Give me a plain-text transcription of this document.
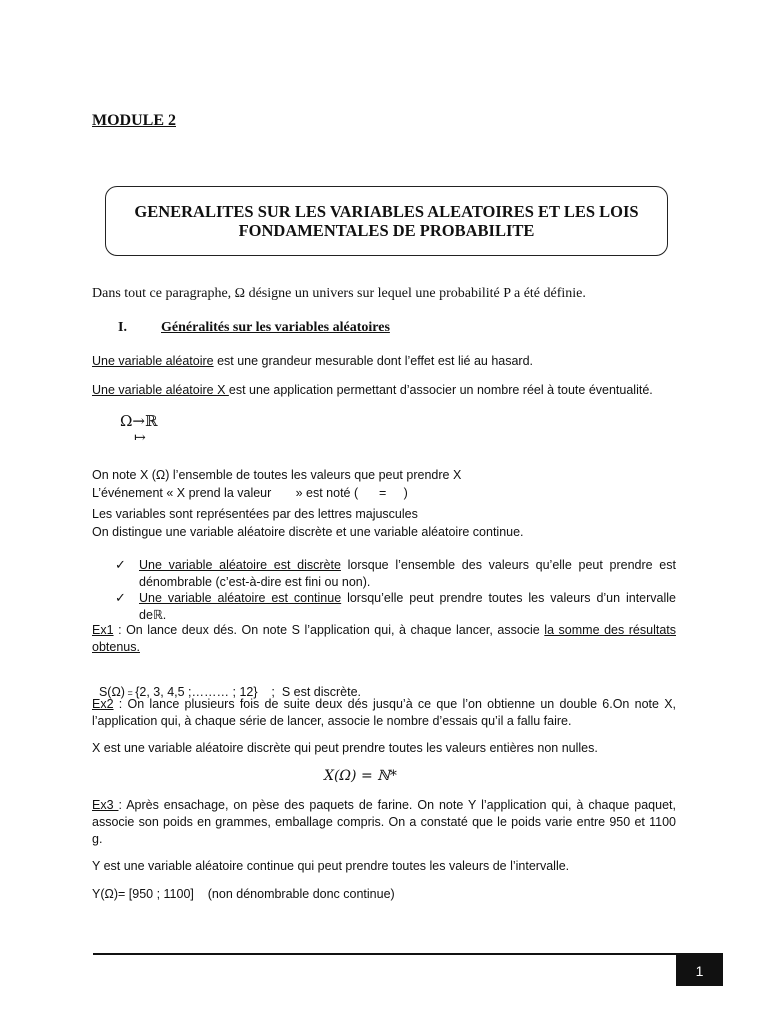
MODULE 2
GENERALITES SUR LES VARIABLES ALEATOIRES ET LES LOIS FONDAMENTALES DE PROBABILITE
Dans tout ce paragraphe, Ω désigne un univers sur lequel une probabilité P a été définie.
I. Généralités sur les variables aléatoires
Une variable aléatoire est une grandeur mesurable dont l’effet est lié au hasard.
Une variable aléatoire X est une application permettant d’associer un nombre réel à toute éventualité.
Ω→ℝ
↦
On note X (Ω) l’ensemble de toutes les valeurs que peut prendre X
L’événement « X prend la valeur       » est noté (      =     )
Les variables sont représentées par des lettres majuscules
On distingue une variable aléatoire discrète et une variable aléatoire continue.
✓ Une variable aléatoire est discrète lorsque l’ensemble des valeurs qu’elle peut prendre est dénombrable (c’est-à-dire est fini ou non).
✓ Une variable aléatoire est continue lorsqu’elle peut prendre toutes les valeurs d’un intervalle deℝ.
Ex1 : On lance deux dés. On note S l’application qui, à chaque lancer, associe la somme des résultats obtenus.

S(Ω) = {2, 3, 4,5 ;……… ; 12}    ;  S est discrète.

Ex2 : On lance plusieurs fois de suite deux dés jusqu’à ce que l’on obtienne un double 6.On note X, l’application qui, à chaque série de lancer, associe le nombre d’essais qu’il a fallu faire.
X est une variable aléatoire discrète qui peut prendre toutes les valeurs entières non nulles.
X(Ω) = ℕ*
Ex3 : Après ensachage, on pèse des paquets de farine. On note Y l’application qui, à chaque paquet, associe son poids en grammes, emballage compris. On a constaté que le poids varie entre 950 et 1100 g.
Y est une variable aléatoire continue qui peut prendre toutes les valeurs de l’intervalle.
Y(Ω)= [950 ; 1100]    (non dénombrable donc continue)
1
